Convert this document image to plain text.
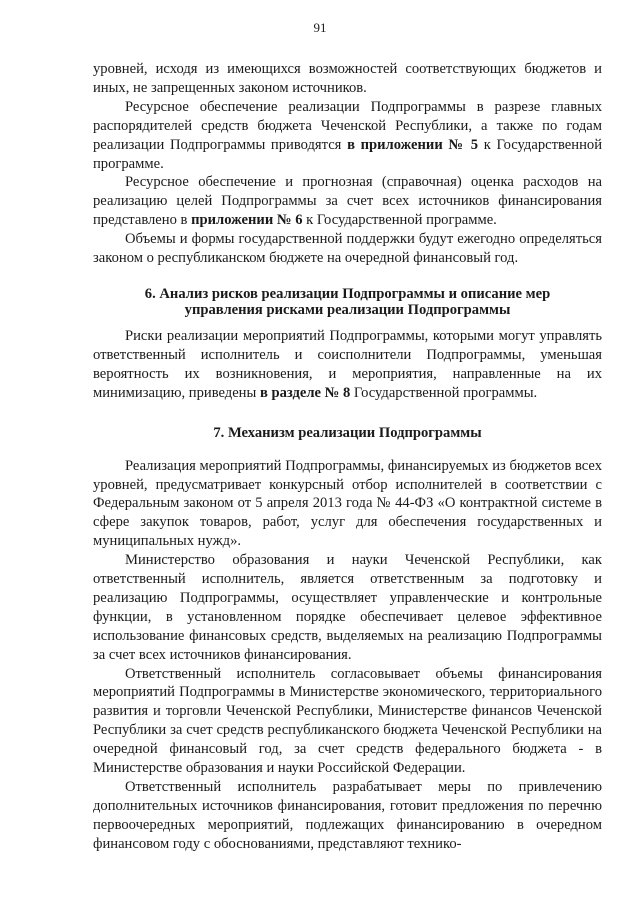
91

уровней, исходя из имеющихся возможностей соответствующих бюджетов и иных, не запрещенных законом источников.

Ресурсное обеспечение реализации Подпрограммы в разрезе главных распорядителей средств бюджета Чеченской Республики, а также по годам реализации Подпрограммы приводятся в приложении № 5 к Государственной программе.

Ресурсное обеспечение и прогнозная (справочная) оценка расходов на реализацию целей Подпрограммы за счет всех источников финансирования представлено в приложении № 6 к Государственной программе.

Объемы и формы государственной поддержки будут ежегодно определяться законом о республиканском бюджете на очередной финансовый год.

6. Анализ рисков реализации Подпрограммы и описание мер
управления рисками реализации Подпрограммы

Риски реализации мероприятий Подпрограммы, которыми могут управлять ответственный исполнитель и соисполнители Подпрограммы, уменьшая вероятность их возникновения, и мероприятия, направленные на их минимизацию, приведены в разделе № 8 Государственной программы.

7. Механизм реализации Подпрограммы

Реализация мероприятий Подпрограммы, финансируемых из бюджетов всех уровней, предусматривает конкурсный отбор исполнителей в соответствии с Федеральным законом от 5 апреля 2013 года № 44-ФЗ «О контрактной системе в сфере закупок товаров, работ, услуг для обеспечения государственных и муниципальных нужд».

Министерство образования и науки Чеченской Республики, как ответственный исполнитель, является ответственным за подготовку и реализацию Подпрограммы, осуществляет управленческие и контрольные функции, в установленном порядке обеспечивает целевое эффективное использование финансовых средств, выделяемых на реализацию Подпрограммы за счет всех источников финансирования.

Ответственный исполнитель согласовывает объемы финансирования мероприятий Подпрограммы в Министерстве экономического, территориального развития и торговли Чеченской Республики, Министерстве финансов Чеченской Республики за счет средств республиканского бюджета Чеченской Республики на очередной финансовый год, за счет средств федерального бюджета - в Министерстве образования и науки Российской Федерации.

Ответственный исполнитель разрабатывает меры по привлечению дополнительных источников финансирования, готовит предложения по перечню первоочередных мероприятий, подлежащих финансированию в очередном финансовом году с обоснованиями, представляют технико-
